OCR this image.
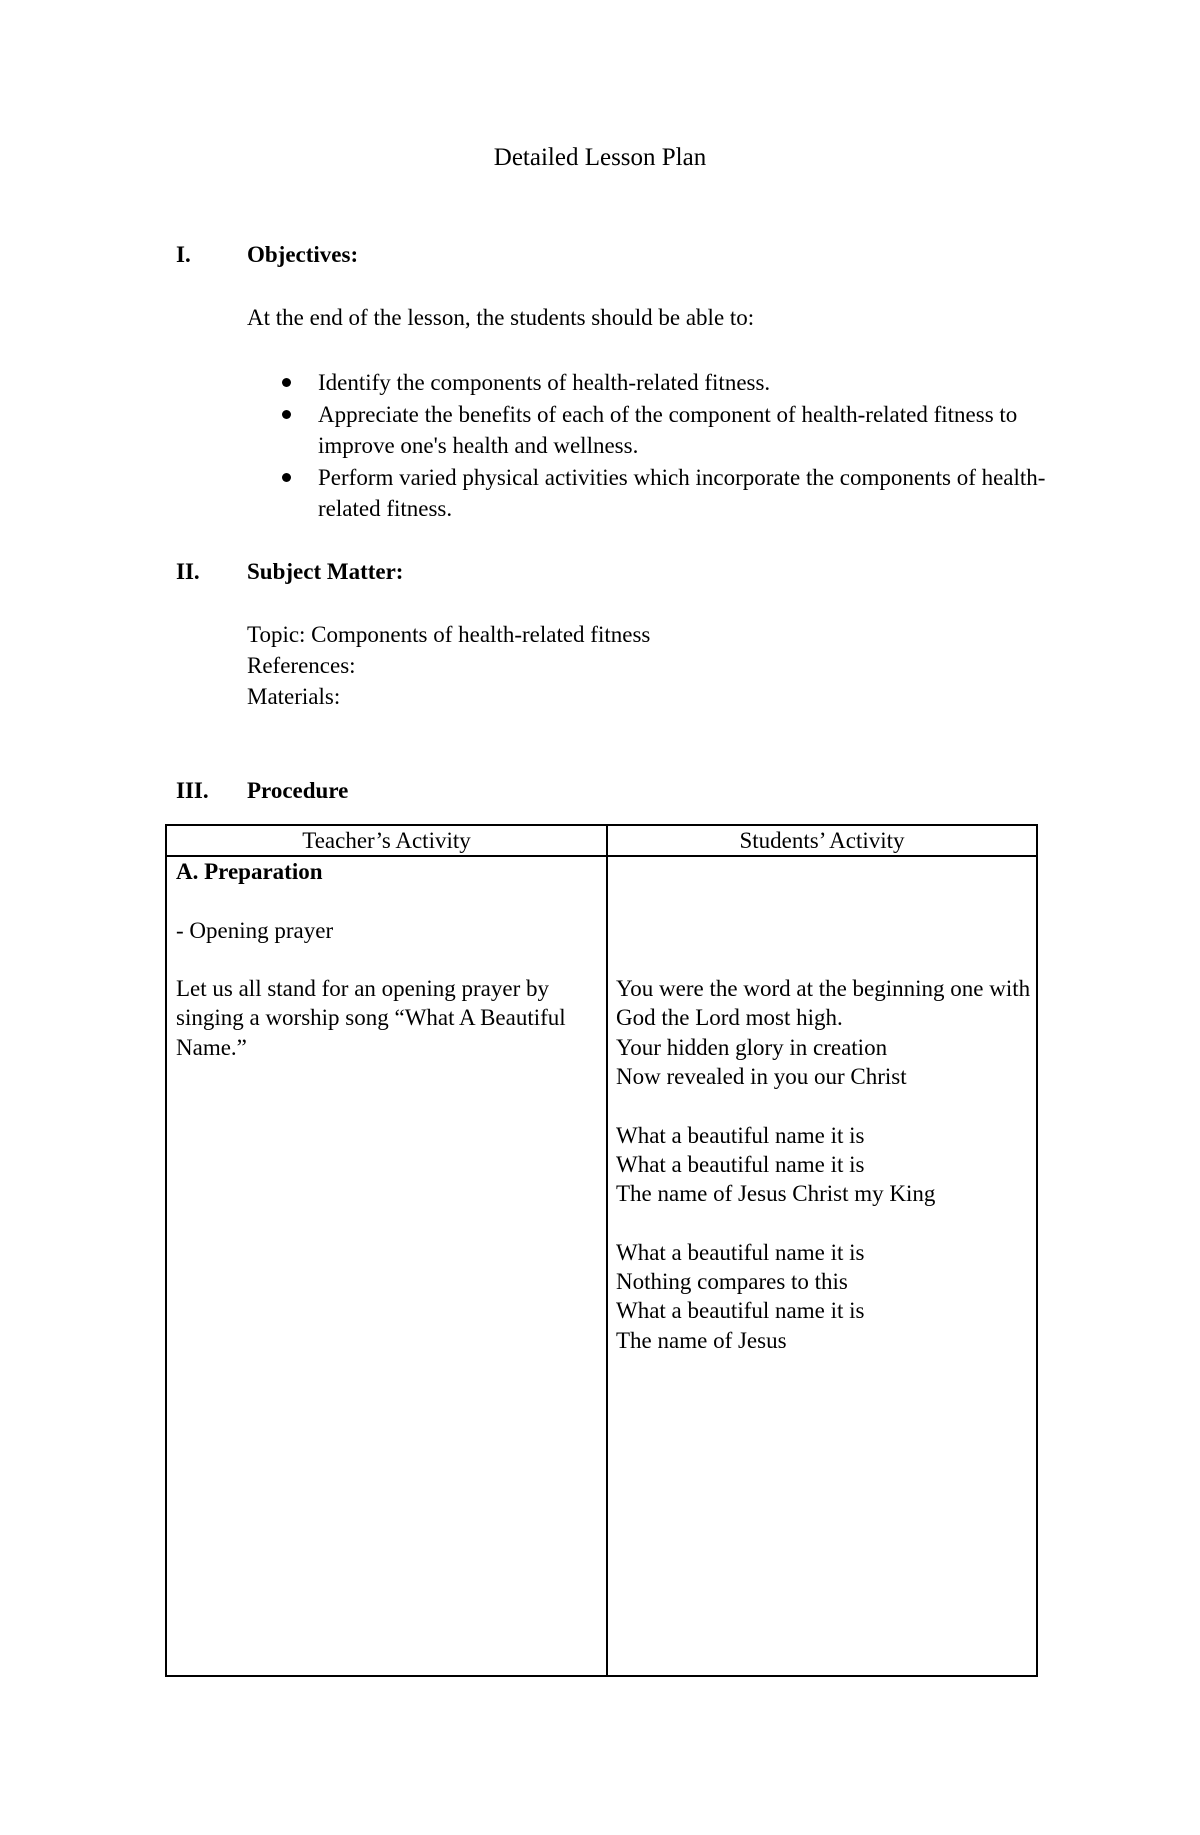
Detailed Lesson Plan
I. Objectives:
At the end of the lesson, the students should be able to:
Identify the components of health-related fitness.
Appreciate the benefits of each of the component of health-related fitness to improve one's health and wellness.
Perform varied physical activities which incorporate the components of health-related fitness.
II. Subject Matter:
Topic: Components of health-related fitness
References:
Materials:
III. Procedure
Teacher’s Activity	Students’ Activity

A. Preparation

- Opening prayer

Let us all stand for an opening prayer by singing a worship song “What A Beautiful Name.”

You were the word at the beginning one with God the Lord most high.

Your hidden glory in creation

Now revealed in you our Christ

What a beautiful name it is

What a beautiful name it is

The name of Jesus Christ my King

What a beautiful name it is

Nothing compares to this

What a beautiful name it is

The name of Jesus
